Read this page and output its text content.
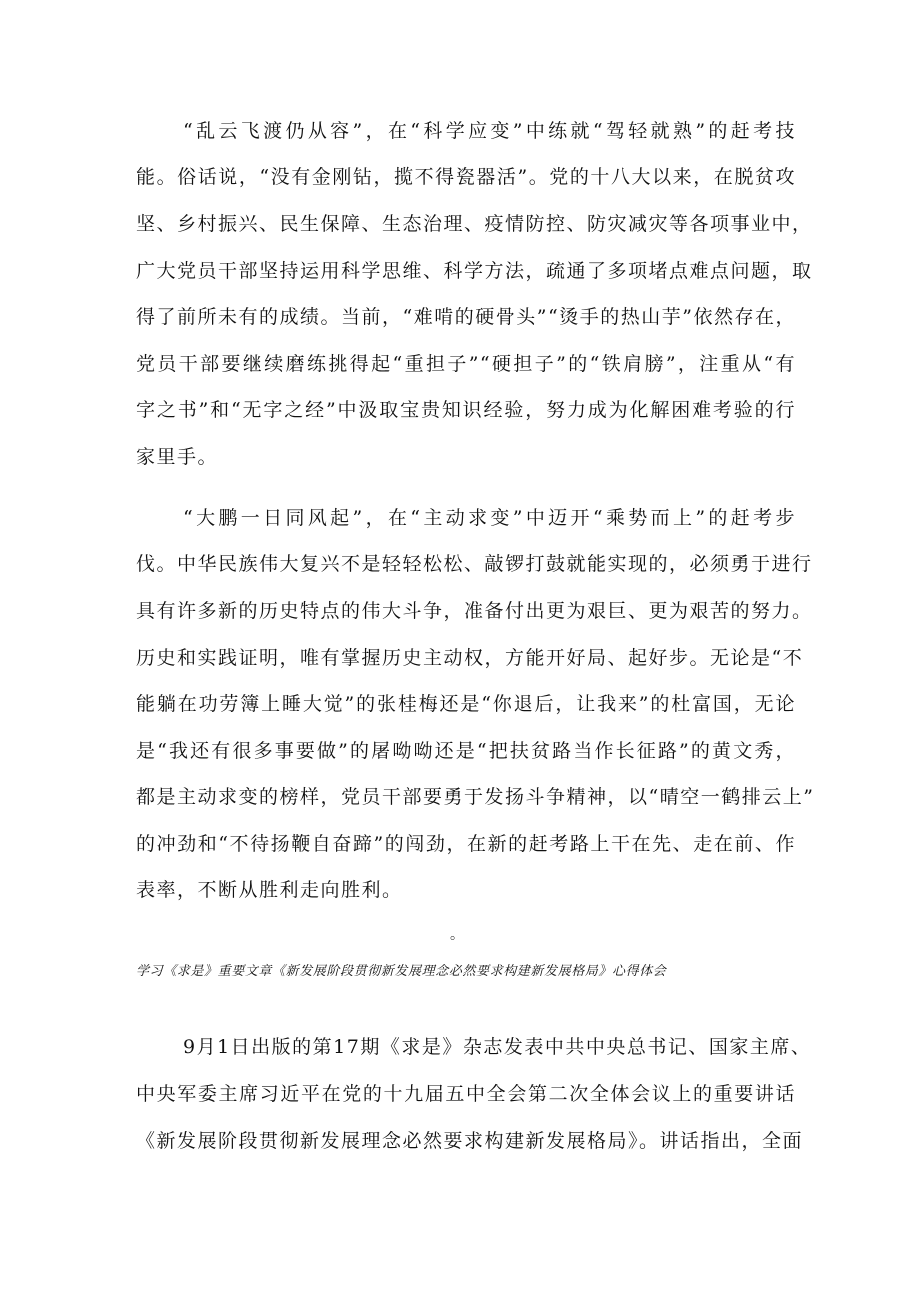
“乱云飞渡仍从容”，在“科学应变”中练就“驾轻就熟”的赶考技
能。俗话说，“没有金刚钻，揽不得瓷器活”。党的十八大以来，在脱贫攻
坚、乡村振兴、民生保障、生态治理、疫情防控、防灾减灾等各项事业中，
广大党员干部坚持运用科学思维、科学方法，疏通了多项堵点难点问题，取
得了前所未有的成绩。当前，“难啃的硬骨头”“烫手的热山芋”依然存在，
党员干部要继续磨练挑得起“重担子”“硬担子”的“铁肩膀”，注重从“有
字之书”和“无字之经”中汲取宝贵知识经验，努力成为化解困难考验的行
家里手。
“大鹏一日同风起”，在“主动求变”中迈开“乘势而上”的赶考步
伐。中华民族伟大复兴不是轻轻松松、敲锣打鼓就能实现的，必须勇于进行
具有许多新的历史特点的伟大斗争，准备付出更为艰巨、更为艰苦的努力。
历史和实践证明，唯有掌握历史主动权，方能开好局、起好步。无论是“不
能躺在功劳簿上睡大觉”的张桂梅还是“你退后，让我来”的杜富国，无论
是“我还有很多事要做”的屠呦呦还是“把扶贫路当作长征路”的黄文秀，
都是主动求变的榜样，党员干部要勇于发扬斗争精神，以“晴空一鹤排云上”
的冲劲和“不待扬鞭自奋蹄”的闯劲，在新的赶考路上干在先、走在前、作
表率，不断从胜利走向胜利。
。
学习《求是》重要文章《新发展阶段贯彻新发展理念必然要求构建新发展格局》心得体会
9月1日出版的第17期《求是》杂志发表中共中央总书记、国家主席、
中央军委主席习近平在党的十九届五中全会第二次全体会议上的重要讲话
《新发展阶段贯彻新发展理念必然要求构建新发展格局》。讲话指出，全面
